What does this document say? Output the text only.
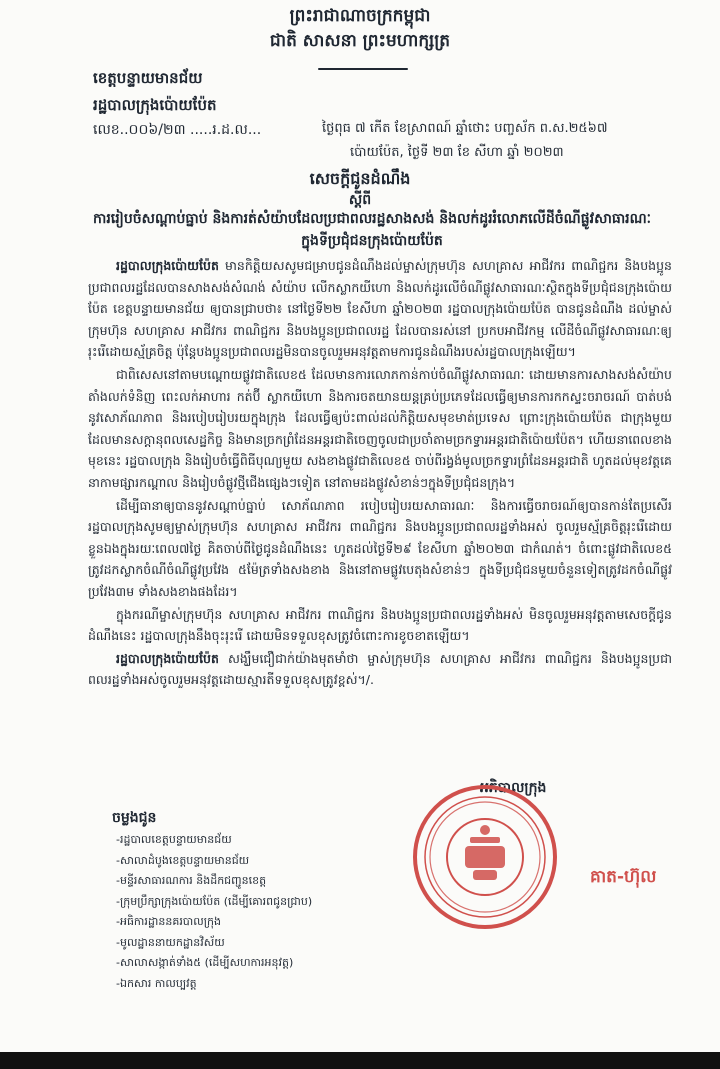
ព្រះរាជាណាចក្រកម្ពុជា
ជាតិ សាសនា ព្រះមហាក្សត្រ
ខេត្តបន្ទាយមានជ័យ
រដ្ឋបាលក្រុងប៉ោយប៉ែត
លេខ..០០៦/២៣ .....រ.ដ.ល...	ថ្ងៃពុធ ៧ កើត ខែស្រាពណ៍ ឆ្នាំថោះ បញ្ចស័ក ព.ស.២៥៦៧
ប៉ោយប៉ែត, ថ្ងៃទី ២៣ ខែ សីហា ឆ្នាំ ២០២៣
សេចក្តីជូនដំណឹង
ស្តីពី
ការរៀបចំសណ្តាប់ធ្នាប់ និងការត់សំយ៉ាបដែលប្រជាពលរដ្ឋសាងសង់ និងលក់ដូររំលោភលើដីចំណីផ្លូវសាធារណៈក្នុងទីប្រជុំជនក្រុងប៉ោយប៉ែត

រដ្ឋបាលក្រុងប៉ោយប៉ែត មានកិត្តិយសសូមជម្រាបជូនដំណឹងដល់ម្ចាស់ក្រុមហ៊ុន សហគ្រាស អាជីវករ ពាណិជ្ជករ និងបងប្អូនប្រជាពលរដ្ឋដែលបានសាងសង់សំណង់ សំយ៉ាប លើកស្លាកយីហោ និងលក់ដូរលើចំណីផ្លូវសាធារណៈស្ថិតក្នុងទីប្រជុំជនក្រុងប៉ោយប៉ែត ខេត្តបន្ទាយមានជ័យ ឲ្យបានជ្រាបថា៖ នៅថ្ងៃទី២២ ខែសីហា ឆ្នាំ២០២៣ រដ្ឋបាលក្រុងប៉ោយប៉ែត បានជូនដំណឹង ដល់ម្ចាស់ក្រុមហ៊ុន សហគ្រាស អាជីវករ ពាណិជ្ជករ និងបងប្អូនប្រជាពលរដ្ឋ ដែលបានរស់នៅ ប្រកបអាជីវកម្ម លើដីចំណីផ្លូវសាធារណៈឲ្យរុះរើដោយស្ម័គ្រចិត្ត ប៉ុន្តែបងប្អូនប្រជាពលរដ្ឋមិនបានចូលរួមអនុវត្តតាមការជូនដំណឹងរបស់រដ្ឋបាលក្រុងឡើយ។

ជាពិសេសនៅតាមបណ្តោយផ្លូវជាតិលេខ៥ ដែលមានការលោភកាន់កាប់ចំណីផ្លូវសាធារណៈ ដោយមានការសាងសង់សំយ៉ាប តាំងលក់ទំនិញ ពេះលក់អាហារ កត់ប៊ី ស្លាកយីហោ និងការចតយានយន្តគ្រប់ប្រភេទដែលធ្វើឲ្យមានការកកស្ទះចរាចរណ៍ បាត់បង់នូវសោភ័ណភាព និងរបៀបរៀបរយក្នុងក្រុង ដែលធ្វើឲ្យប៉ះពាល់ដល់កិត្តិយសមុខមាត់ប្រទេស ព្រោះក្រុងប៉ោយប៉ែត ជាក្រុងមួយដែលមានសក្តានុពលសេដ្ឋកិច្ច និងមានច្រកព្រំដែនអន្តរជាតិចេញចូលជាប្រចាំតាមច្រកទ្វារអន្តរជាតិប៉ោយប៉ែត។ ហើយនាពេលខាងមុខនេះ រដ្ឋបាលក្រុង និងរៀបចំធ្វើពិធីបុណ្យមួយ សងខាងផ្លូវជាតិលេខ៥ ចាប់ពីរង្វង់មូលច្រកទ្វារព្រំដែនអន្តរជាតិ ហូតដល់មុខវត្តគេនាកាមផ្សារកណ្តាល និងរៀបចំផ្លូវថ្មីជើងផ្សេងៗទៀត នៅតាមដងផ្លូវសំខាន់ៗក្នុងទីប្រជុំជនក្រុង។

ដើម្បីធានាឲ្យបាននូវសណ្តាប់ធ្នាប់ សោភ័ណភាព របៀបរៀបរយសាធារណៈ និងការធ្វើចរាចរណ៍ឲ្យបានកាន់តែប្រសើរ រដ្ឋបាលក្រុងសូមឲ្យម្ចាស់ក្រុមហ៊ុន សហគ្រាស អាជីវករ ពាណិជ្ជករ និងបងប្អូនប្រជាពលរដ្ឋទាំងអស់ ចូលរួមស្ម័គ្រចិត្តរុះរើដោយខ្លួនឯងក្នុងរយៈពេល៧ថ្ងៃ គិតចាប់ពីថ្ងៃជូនដំណឹងនេះ ហូតដល់ថ្ងៃទី២៩ ខែសីហា ឆ្នាំ២០២៣ ជាកំណត់។ ចំពោះផ្លូវជាតិលេខ៥ ត្រូវដកស្លាកចំណីចំណីផ្លូវប្រវែង ៥ម៉ែត្រទាំងសងខាង និងនៅតាមផ្លូវបេតុងសំខាន់ៗ ក្នុងទីប្រជុំជនមួយចំនួនទៀតត្រូវដកចំណីផ្លូវប្រវែង៣ម ទាំងសងខាងផងដែរ។

ក្នុងករណីម្ចាស់ក្រុមហ៊ុន សហគ្រាស អាជីវករ ពាណិជ្ជករ និងបងប្អូនប្រជាពលរដ្ឋទាំងអស់ មិនចូលរួមអនុវត្តតាមសេចក្តីជូនដំណឹងនេះ រដ្ឋបាលក្រុងនឹងចុះរុះរើ ដោយមិនទទួលខុសត្រូវចំពោះការខូចខាតឡើយ។

រដ្ឋបាលក្រុងប៉ោយប៉ែត សង្ឃឹមជឿជាក់យ៉ាងមុតមាំថា ម្ចាស់ក្រុមហ៊ុន សហគ្រាស អាជីវករ ពាណិជ្ជករ និងបងប្អូនប្រជាពលរដ្ឋទាំងអស់ចូលរួមអនុវត្តដោយស្មារតីទទួលខុសត្រូវខ្ពស់។/.

អភិបាលក្រុង
គាត-ហ៊ុល
ចម្លងជូន
-រដ្ឋបាលខេត្តបន្ទាយមានជ័យ
-សាលាដំបូងខេត្តបន្ទាយមានជ័យ
-មន្ទីរសាធារណការ និងដឹកជញ្ជូនខេត្ត
-ក្រុមប្រឹក្សាក្រុងប៉ោយប៉ែត (ដើម្បីគោរពជូនជ្រាប)
-អធិការដ្ឋាននគរបាលក្រុង
-មូលដ្ឋាននាយកដ្ឋានវិស័យ
-សាលាសង្កាត់ទាំង៥ (ដើម្បីសហការអនុវត្ត)
-ឯកសារ កាលប្បវត្ត
